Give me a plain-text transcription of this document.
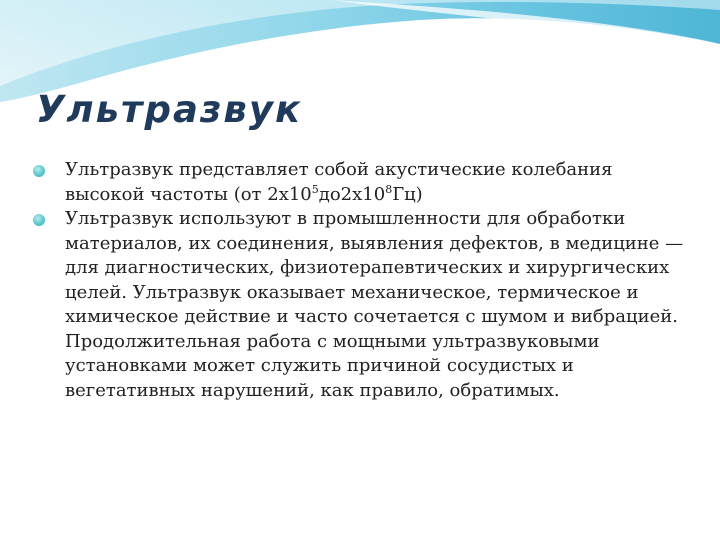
Ультразвук
Ультразвук представляет собой акустические колебания высокой частоты (от $2x10^5до2x10^8Гц$)
Ультразвук используют в промышленности для обработки материалов, их соединения, выявления дефектов, в медицине — для диагностических, физиотерапевтических и хирургических целей. Ультразвук оказывает механическое, термическое и химическое действие и часто сочетается с шумом и вибрацией. Продолжительная работа с мощными ультразвуковыми установками может служить причиной сосудистых и вегетативных нарушений, как правило, обратимых.
